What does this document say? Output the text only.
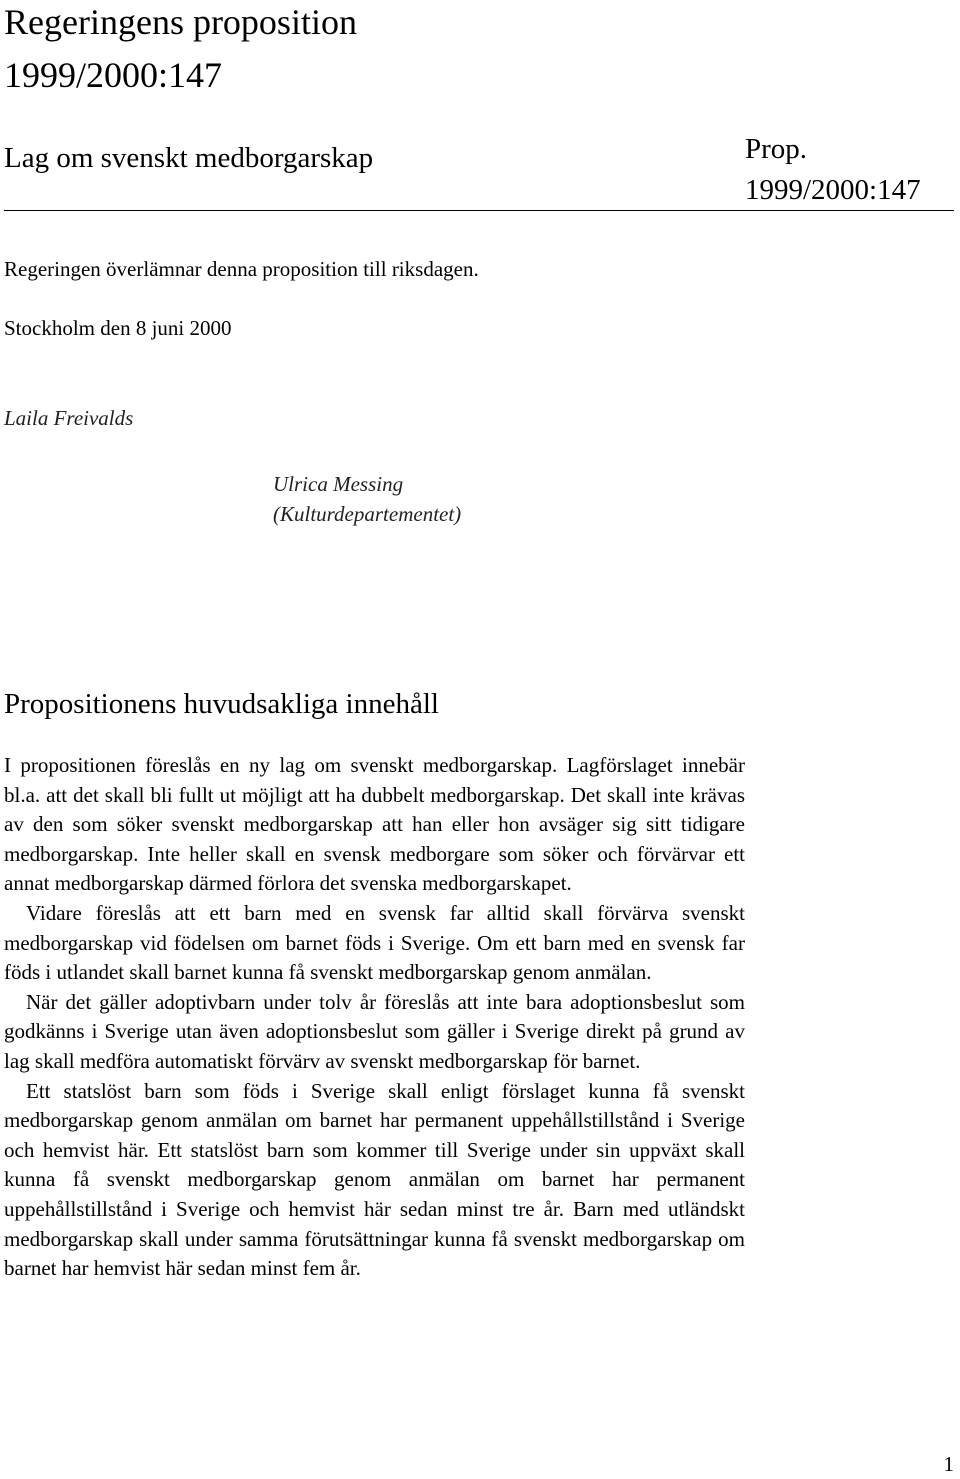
Regeringens proposition
1999/2000:147
Lag om svenskt medborgarskap	Prop.
1999/2000:147
Regeringen överlämnar denna proposition till riksdagen.
Stockholm den 8 juni 2000
Laila Freivalds
Ulrica Messing
(Kulturdepartementet)
Propositionens huvudsakliga innehåll

I propositionen föreslås en ny lag om svenskt medborgarskap. Lagförslaget innebär bl.a. att det skall bli fullt ut möjligt att ha dubbelt medborgarskap. Det skall inte krävas av den som söker svenskt medborgarskap att han eller hon avsäger sig sitt tidigare medborgarskap. Inte heller skall en svensk medborgare som söker och förvärvar ett annat medborgarskap därmed förlora det svenska medborgarskapet.

Vidare föreslås att ett barn med en svensk far alltid skall förvärva svenskt medborgarskap vid födelsen om barnet föds i Sverige. Om ett barn med en svensk far föds i utlandet skall barnet kunna få svenskt medborgarskap genom anmälan.

När det gäller adoptivbarn under tolv år föreslås att inte bara adoptionsbeslut som godkänns i Sverige utan även adoptionsbeslut som gäller i Sverige direkt på grund av lag skall medföra automatiskt förvärv av svenskt medborgarskap för barnet.

Ett statslöst barn som föds i Sverige skall enligt förslaget kunna få svenskt medborgarskap genom anmälan om barnet har permanent uppehållstillstånd i Sverige och hemvist här. Ett statslöst barn som kommer till Sverige under sin uppväxt skall kunna få svenskt medborgarskap genom anmälan om barnet har permanent uppehållstillstånd i Sverige och hemvist här sedan minst tre år. Barn med utländskt medborgarskap skall under samma förutsättningar kunna få svenskt medborgarskap om barnet har hemvist här sedan minst fem år.

1
